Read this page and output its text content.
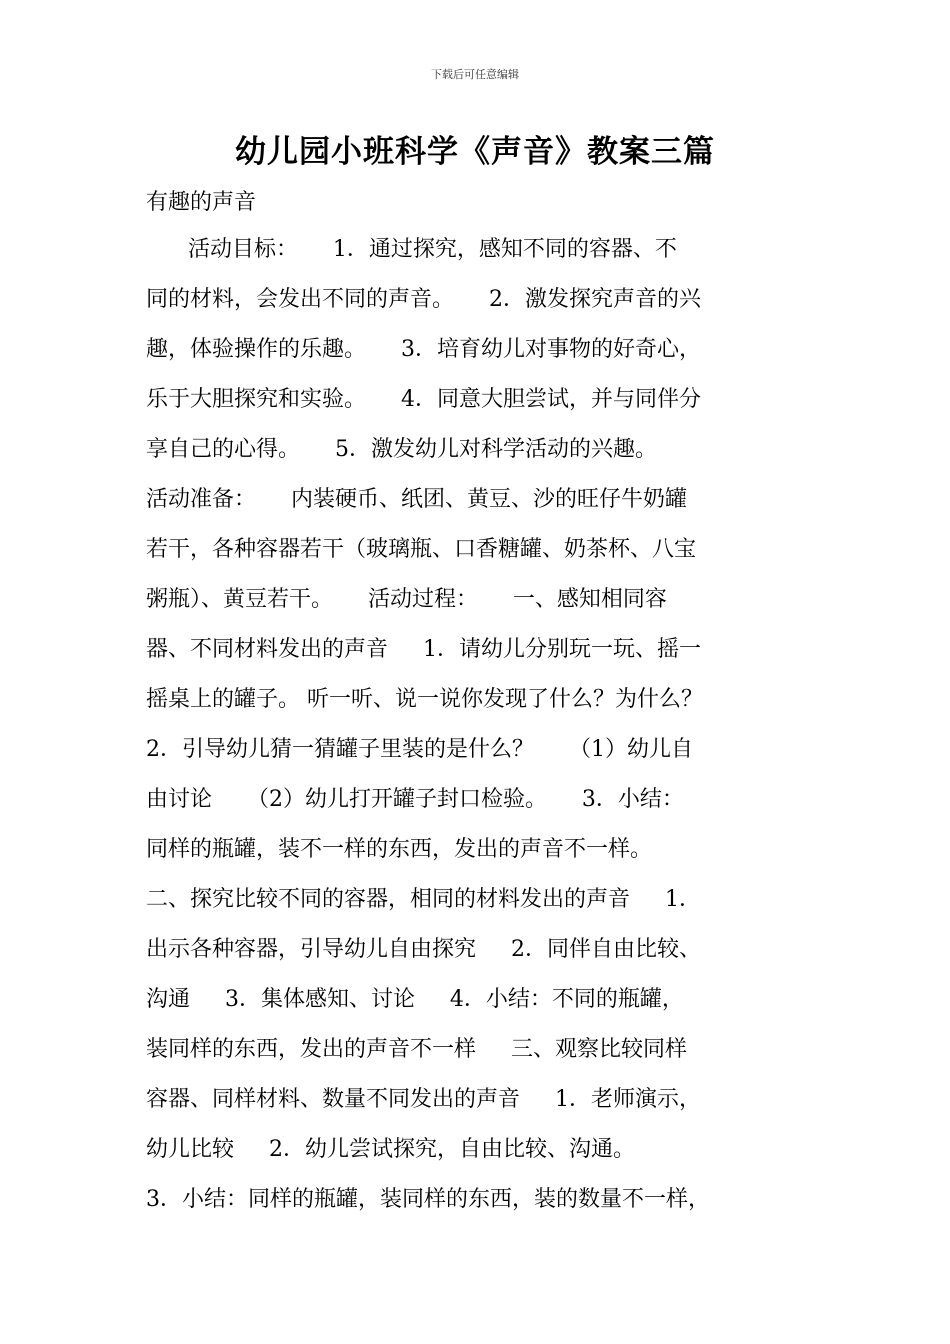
下载后可任意编辑
幼儿园小班科学《声音》教案三篇
有趣的声音
活动目标：     1．通过探究，感知不同的容器、不
同的材料，会发出不同的声音。     2．激发探究声音的兴
趣，体验操作的乐趣。     3．培育幼儿对事物的好奇心，
乐于大胆探究和实验。     4．同意大胆尝试，并与同伴分
享自己的心得。     5．激发幼儿对科学活动的兴趣。
活动准备：     内装硬币、纸团、黄豆、沙的旺仔牛奶罐
若干，各种容器若干（玻璃瓶、口香糖罐、奶茶杯、八宝
粥瓶）、黄豆若干。     活动过程：     一、感知相同容
器、不同材料发出的声音     1．请幼儿分别玩一玩、摇一
摇桌上的罐子。 听一听、说一说你发现了什么？为什么？
2．引导幼儿猜一猜罐子里装的是什么？     （1）幼儿自
由讨论     （2）幼儿打开罐子封口检验。     3．小结：
同样的瓶罐，装不一样的东西，发出的声音不一样。
二、探究比较不同的容器，相同的材料发出的声音     1．
出示各种容器，引导幼儿自由探究     2．同伴自由比较、
沟通     3．集体感知、讨论     4．小结：不同的瓶罐，
装同样的东西，发出的声音不一样     三、观察比较同样
容器、同样材料、数量不同发出的声音     1．老师演示，
幼儿比较     2．幼儿尝试探究，自由比较、沟通。
3．小结：同样的瓶罐，装同样的东西，装的数量不一样，
